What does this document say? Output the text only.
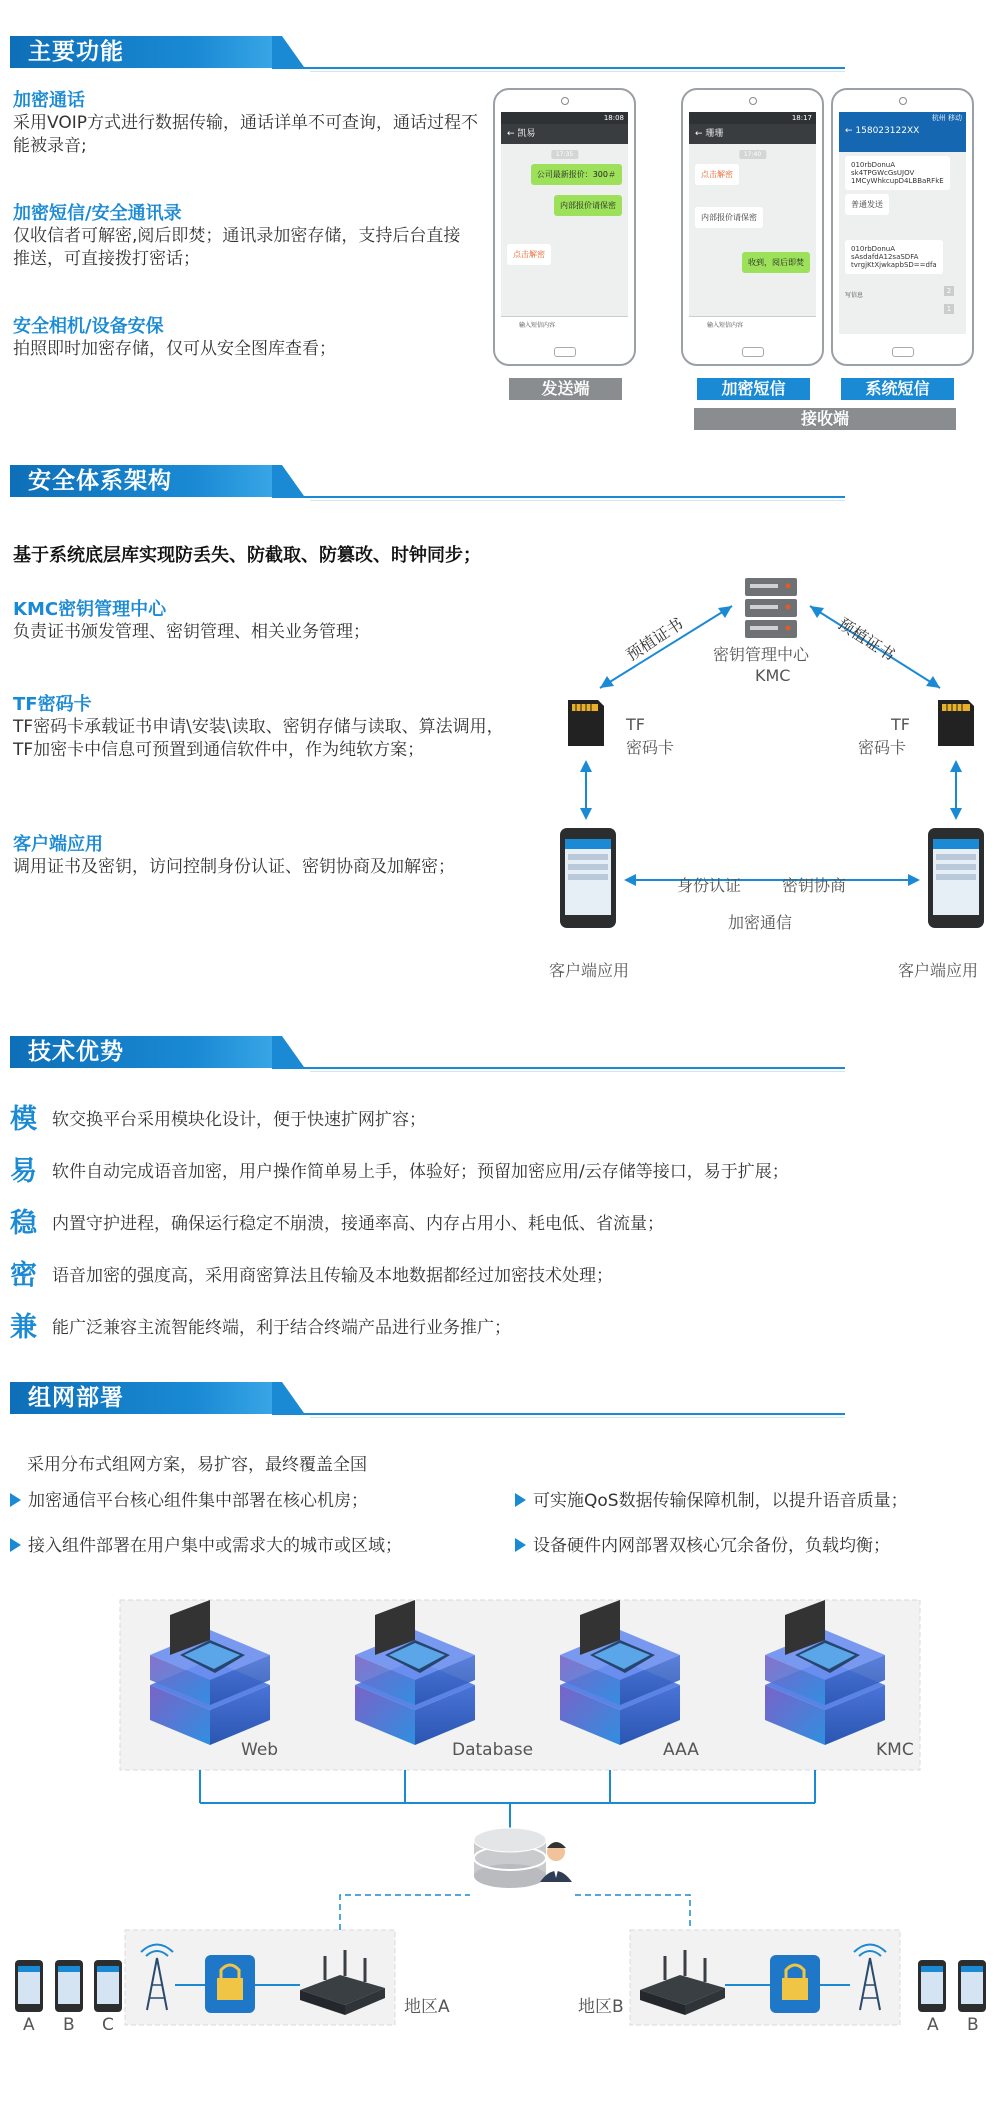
主要功能
加密通话
采用VOIP方式进行数据传输，通话详单不可查询，通话过程不能被录音;
加密短信/安全通讯录
仅收信者可解密,阅后即焚；通讯录加密存储，支持后台直接推送，可直接拨打密话；
安全相机/设备安保
拍照即时加密存储，仅可从安全图库查看；
18:08
← 凯易
17:35
公司最新报价：300＃
内部报价请保密
点击解密
输入短信内容
发送端
18:17
← 珊珊
17:40
点击解密
内部报价请保密
收到，阅后即焚
输入短信内容
杭州 移动
← 158023122XX
010rbDonuA
sk4TPGWcGsUJOV
1MCyWhkcupD4LBBaRFkE
普通发送
010rbDonuA
sAsdafdA12saSDFA
tvrgjKtXjwkapbSD==dfa
写信息
2
1
加密短信	系统短信
接收端
安全体系架构
基于系统底层库实现防丢失、防截取、防篡改、时钟同步；
KMC密钥管理中心
负责证书颁发管理、密钥管理、相关业务管理；
TF密码卡
TF密码卡承载证书申请\安装\读取、密钥存储与读取、算法调用，TF加密卡中信息可预置到通信软件中，作为纯软方案；
客户端应用
调用证书及密钥，访问控制身份认证、密钥协商及加解密；
密钥管理中心
KMC
预植证书	预植证书
TF
密码卡
TF
密码卡
客户端应用	客户端应用
身份认证	密钥协商
加密通信
技术优势
模 软交换平台采用模块化设计，便于快速扩网扩容；
易 软件自动完成语音加密，用户操作简单易上手，体验好；预留加密应用/云存储等接口，易于扩展；
稳 内置守护进程，确保运行稳定不崩溃，接通率高、内存占用小、耗电低、省流量；
密 语音加密的强度高，采用商密算法且传输及本地数据都经过加密技术处理；
兼 能广泛兼容主流智能终端，利于结合终端产品进行业务推广；
组网部署
采用分布式组网方案，易扩容，最终覆盖全国
加密通信平台核心组件集中部署在核心机房；	可实施QoS数据传输保障机制，以提升语音质量；
接入组件部署在用户集中或需求大的城市或区域；	设备硬件内网部署双核心冗余备份，负载均衡；
Web	Database	AAA	KMC
地区A	地区B
A B C	A B
